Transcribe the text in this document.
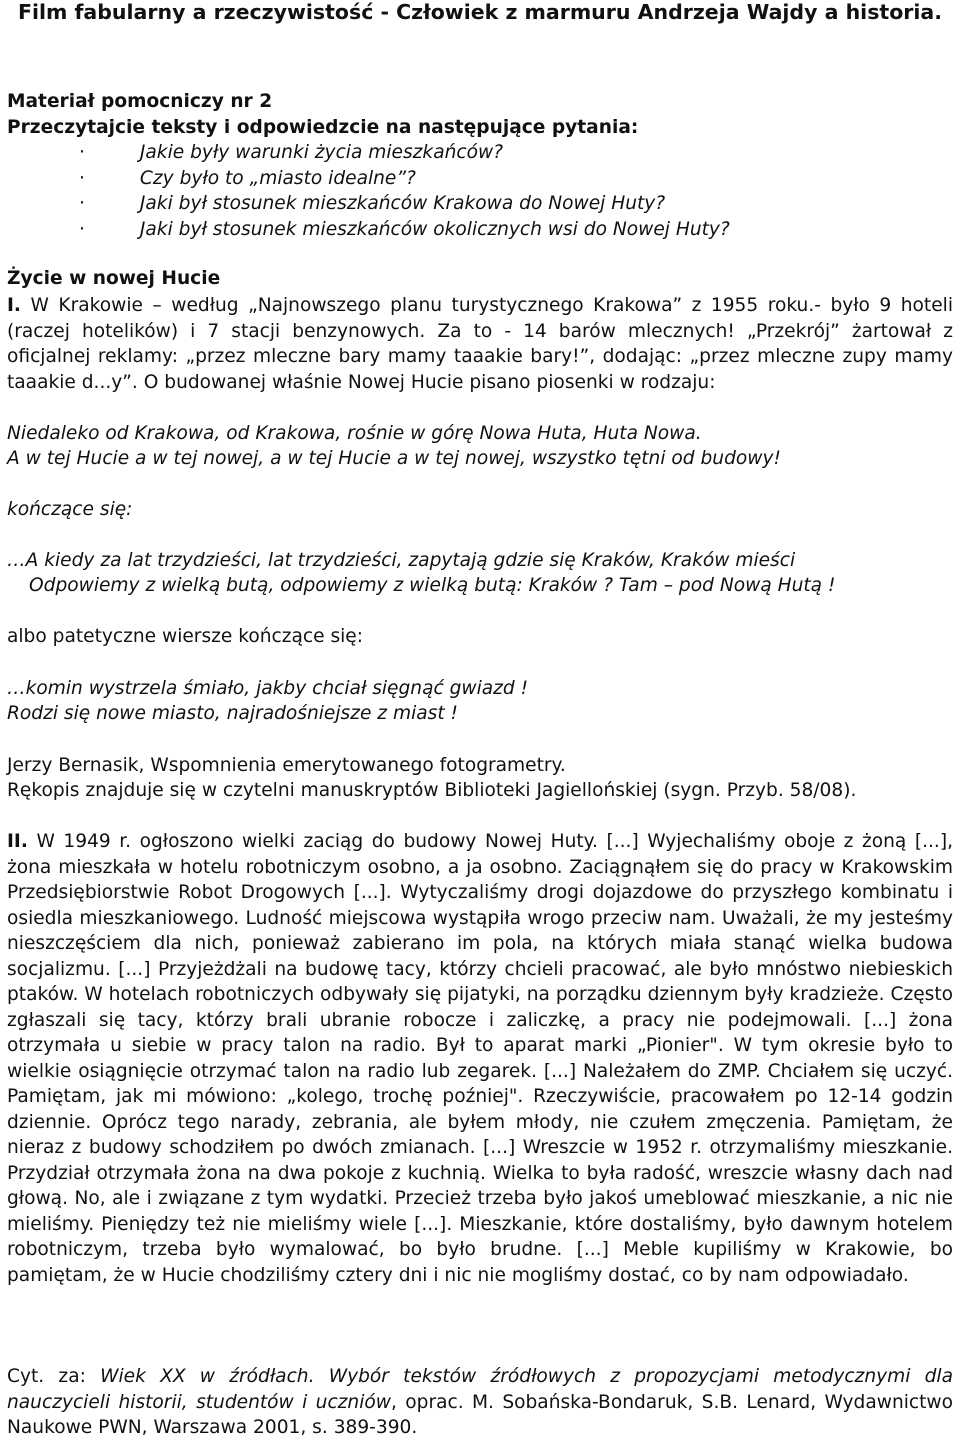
Film fabularny a rzeczywistość - Człowiek z marmuru Andrzeja Wajdy a historia.
Materiał pomocniczy nr 2
Przeczytajcie teksty i odpowiedzcie na następujące pytania:
·	Jakie były warunki życia mieszkańców?
·	Czy było to „miasto idealne”?
·	Jaki był stosunek mieszkańców Krakowa do Nowej Huty?
·	Jaki był stosunek mieszkańców okolicznych wsi do Nowej Huty?
Życie w nowej Hucie
I. W Krakowie – według „Najnowszego planu turystycznego Krakowa” z 1955 roku.- było 9 hoteli (raczej hotelików) i 7 stacji benzynowych. Za to - 14 barów mlecznych! „Przekrój” żartował z oficjalnej reklamy: „przez mleczne bary mamy taaakie bary!”, dodając: „przez mleczne zupy mamy taaakie d...y”. O budowanej właśnie Nowej Hucie pisano piosenki w rodzaju:
Niedaleko od Krakowa, od Krakowa, rośnie w górę Nowa Huta, Huta Nowa.
A w tej Hucie a w tej nowej, a w tej Hucie a w tej nowej, wszystko tętni od budowy!
kończące się:
…A kiedy za lat trzydzieści, lat trzydzieści, zapytają gdzie się Kraków, Kraków mieści
Odpowiemy z wielką butą, odpowiemy z wielką butą: Kraków ? Tam – pod Nową Hutą !
albo patetyczne wiersze kończące się:
…komin wystrzela śmiało, jakby chciał sięgnąć gwiazd !
Rodzi się nowe miasto, najradośniejsze z miast !
Jerzy Bernasik, Wspomnienia emerytowanego fotogrametry.
Rękopis znajduje się w czytelni manuskryptów Biblioteki Jagiellońskiej (sygn. Przyb. 58/08).
II. W 1949 r. ogłoszono wielki zaciąg do budowy Nowej Huty. [...] Wyjechaliśmy oboje z żoną [...], żona mieszkała w hotelu robotniczym osobno, a ja osobno. Zaciągnąłem się do pracy w Krakowskim Przedsiębiorstwie Robot Drogowych [...]. Wytyczaliśmy drogi dojazdowe do przyszłego kombinatu i osiedla mieszkaniowego. Ludność miejscowa wystąpiła wrogo przeciw nam. Uważali, że my jesteśmy nieszczęściem dla nich, ponieważ zabierano im pola, na których miała stanąć wielka budowa socjalizmu. [...] Przyjeżdżali na budowę tacy, którzy chcieli pracować, ale było mnóstwo niebieskich ptaków. W hotelach robotniczych odbywały się pijatyki, na porządku dziennym były kradzieże. Często zgłaszali się tacy, którzy brali ubranie robocze i zaliczkę, a pracy nie podejmowali. [...] żona otrzymała u siebie w pracy talon na radio. Był to aparat marki „Pionier". W tym okresie było to wielkie osiągnięcie otrzymać talon na radio lub zegarek. [...] Należałem do ZMP. Chciałem się uczyć. Pamiętam, jak mi mówiono: „kolego, trochę poźniej". Rzeczywiście, pracowałem po 12-14 godzin dziennie. Oprócz tego narady, zebrania, ale byłem młody, nie czułem zmęczenia. Pamiętam, że nieraz z budowy schodziłem po dwóch zmianach. [...] Wreszcie w 1952 r. otrzymaliśmy mieszkanie. Przydział otrzymała żona na dwa pokoje z kuchnią. Wielka to była radość, wreszcie własny dach nad głową. No, ale i związane z tym wydatki. Przecież trzeba było jakoś umeblować mieszkanie, a nic nie mieliśmy. Pieniędzy też nie mieliśmy wiele [...]. Mieszkanie, które dostaliśmy, było dawnym hotelem robotniczym, trzeba było wymalować, bo było brudne. [...] Meble kupiliśmy w Krakowie, bo pamiętam, że w Hucie chodziliśmy cztery dni i nic nie mogliśmy dostać, co by nam odpowiadało.
Cyt. za: Wiek XX w źródłach. Wybór tekstów źródłowych z propozycjami metodycznymi dla nauczycieli historii, studentów i uczniów, oprac. M. Sobańska-Bondaruk, S.B. Lenard, Wydawnictwo Naukowe PWN, Warszawa 2001, s. 389-390.
